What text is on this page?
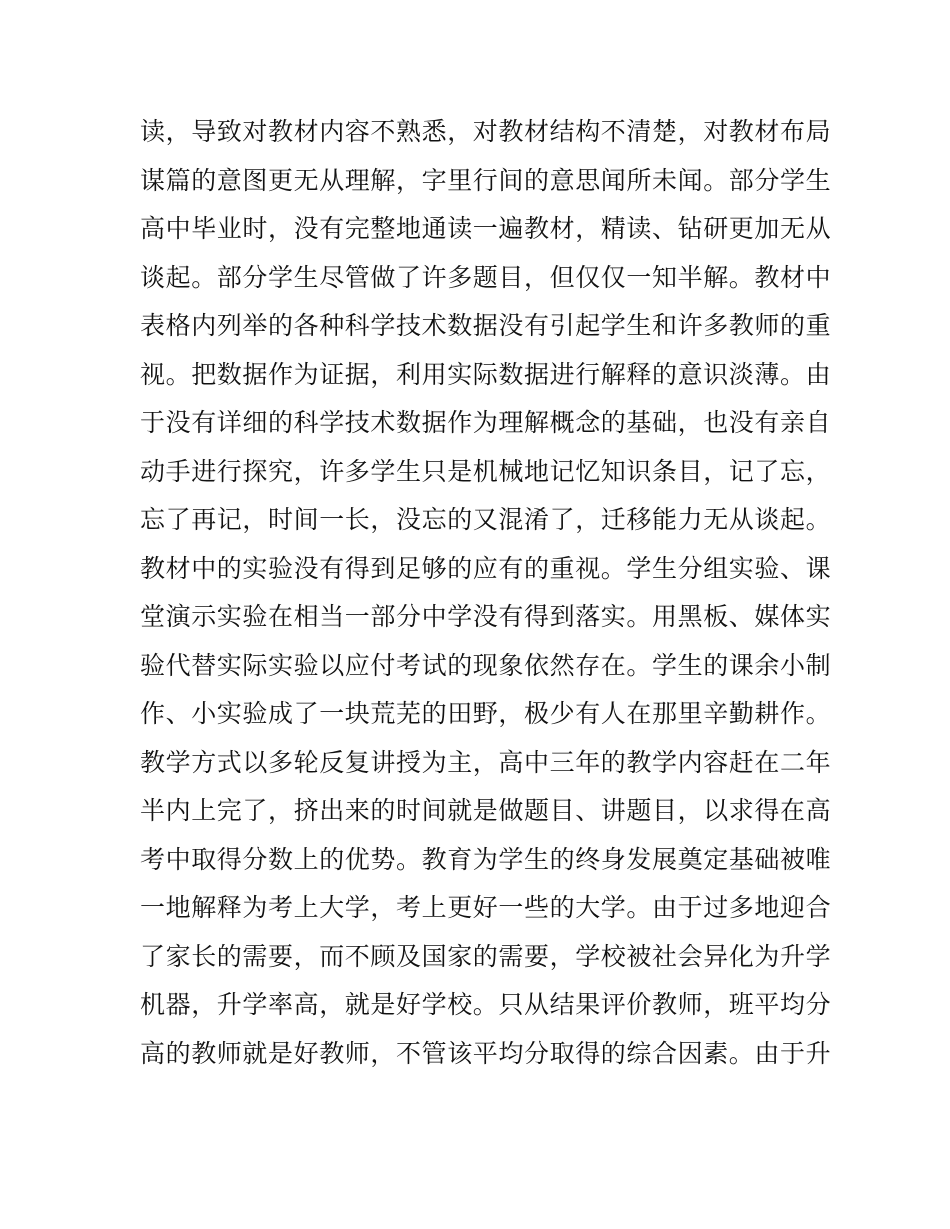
读，导致对教材内容不熟悉，对教材结构不清楚，对教材布局
谋篇的意图更无从理解，字里行间的意思闻所未闻。部分学生
高中毕业时，没有完整地通读一遍教材，精读、钻研更加无从
谈起。部分学生尽管做了许多题目，但仅仅一知半解。教材中
表格内列举的各种科学技术数据没有引起学生和许多教师的重
视。把数据作为证据，利用实际数据进行解释的意识淡薄。由
于没有详细的科学技术数据作为理解概念的基础，也没有亲自
动手进行探究，许多学生只是机械地记忆知识条目，记了忘，
忘了再记，时间一长，没忘的又混淆了，迁移能力无从谈起。
教材中的实验没有得到足够的应有的重视。学生分组实验、课
堂演示实验在相当一部分中学没有得到落实。用黑板、媒体实
验代替实际实验以应付考试的现象依然存在。学生的课余小制
作、小实验成了一块荒芜的田野，极少有人在那里辛勤耕作。
教学方式以多轮反复讲授为主，高中三年的教学内容赶在二年
半内上完了，挤出来的时间就是做题目、讲题目，以求得在高
考中取得分数上的优势。教育为学生的终身发展奠定基础被唯
一地解释为考上大学，考上更好一些的大学。由于过多地迎合
了家长的需要，而不顾及国家的需要，学校被社会异化为升学
机器，升学率高，就是好学校。只从结果评价教师，班平均分
高的教师就是好教师，不管该平均分取得的综合因素。由于升
